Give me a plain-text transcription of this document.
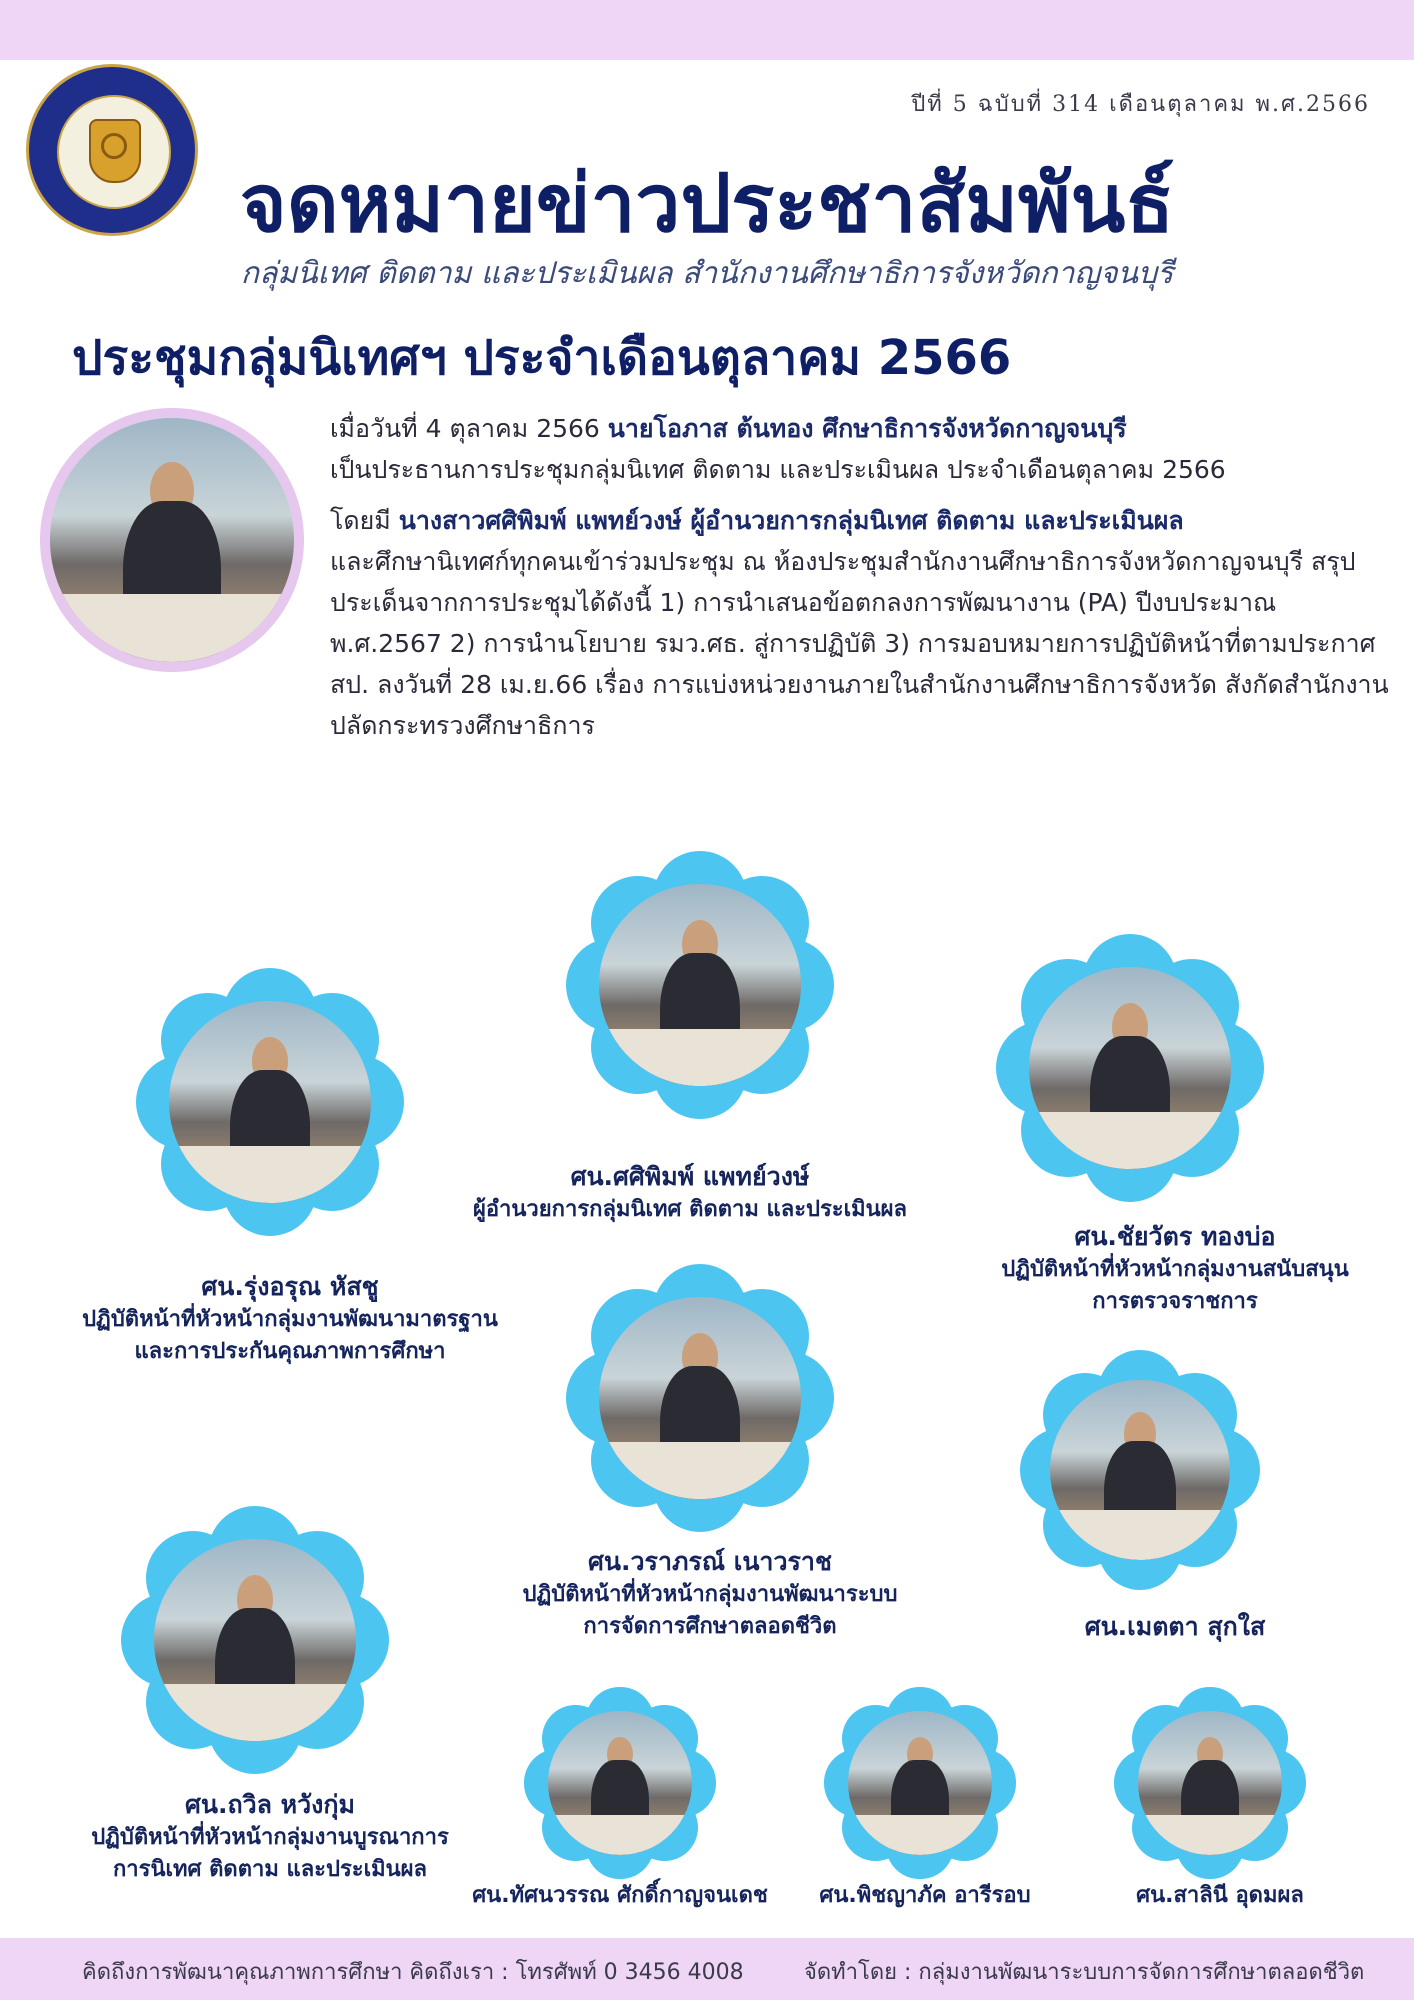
ปีที่ 5 ฉบับที่ 314 เดือนตุลาคม พ.ศ.2566
จดหมายข่าวประชาสัมพันธ์
กลุ่มนิเทศ ติดตาม และประเมินผล สำนักงานศึกษาธิการจังหวัดกาญจนบุรี
ประชุมกลุ่มนิเทศฯ ประจำเดือนตุลาคม 2566

เมื่อวันที่ 4 ตุลาคม 2566 นายโอภาส ต้นทอง ศึกษาธิการจังหวัดกาญจนบุรี
เป็นประธานการประชุมกลุ่มนิเทศ ติดตาม และประเมินผล ประจำเดือนตุลาคม 2566

โดยมี นางสาวศศิพิมพ์ แพทย์วงษ์ ผู้อำนวยการกลุ่มนิเทศ ติดตาม และประเมินผล
และศึกษานิเทศก์ทุกคนเข้าร่วมประชุม ณ ห้องประชุมสำนักงานศึกษาธิการจังหวัดกาญจนบุรี สรุปประเด็นจากการประชุมได้ดังนี้ 1) การนำเสนอข้อตกลงการพัฒนางาน (PA) ปีงบประมาณ พ.ศ.2567 2) การนำนโยบาย รมว.ศธ. สู่การปฏิบัติ 3) การมอบหมายการปฏิบัติหน้าที่ตามประกาศ สป. ลงวันที่ 28 เม.ย.66 เรื่อง การแบ่งหน่วยงานภายในสำนักงานศึกษาธิการจังหวัด สังกัดสำนักงานปลัดกระทรวงศึกษาธิการ

ศน.ศศิพิมพ์ แพทย์วงษ์
ผู้อำนวยการกลุ่มนิเทศ ติดตาม และประเมินผล
ศน.รุ่งอรุณ หัสชู
ปฏิบัติหน้าที่หัวหน้ากลุ่มงานพัฒนามาตรฐาน
และการประกันคุณภาพการศึกษา
ศน.ชัยวัตร ทองบ่อ
ปฏิบัติหน้าที่หัวหน้ากลุ่มงานสนับสนุน
การตรวจราชการ
ศน.วราภรณ์ เนาวราช
ปฏิบัติหน้าที่หัวหน้ากลุ่มงานพัฒนาระบบ
การจัดการศึกษาตลอดชีวิต	ศน.เมตตา สุกใส
ศน.ถวิล หวังกุ่ม
ปฏิบัติหน้าที่หัวหน้ากลุ่มงานบูรณาการ
การนิเทศ ติดตาม และประเมินผล
ศน.ทัศนวรรณ ศักดิ์กาญจนเดช	ศน.พิชญาภัค อารีรอบ	ศน.สาลินี อุดมผล
คิดถึงการพัฒนาคุณภาพการศึกษา คิดถึงเรา : โทรศัพท์ 0 3456 4008	จัดทำโดย : กลุ่มงานพัฒนาระบบการจัดการศึกษาตลอดชีวิต
